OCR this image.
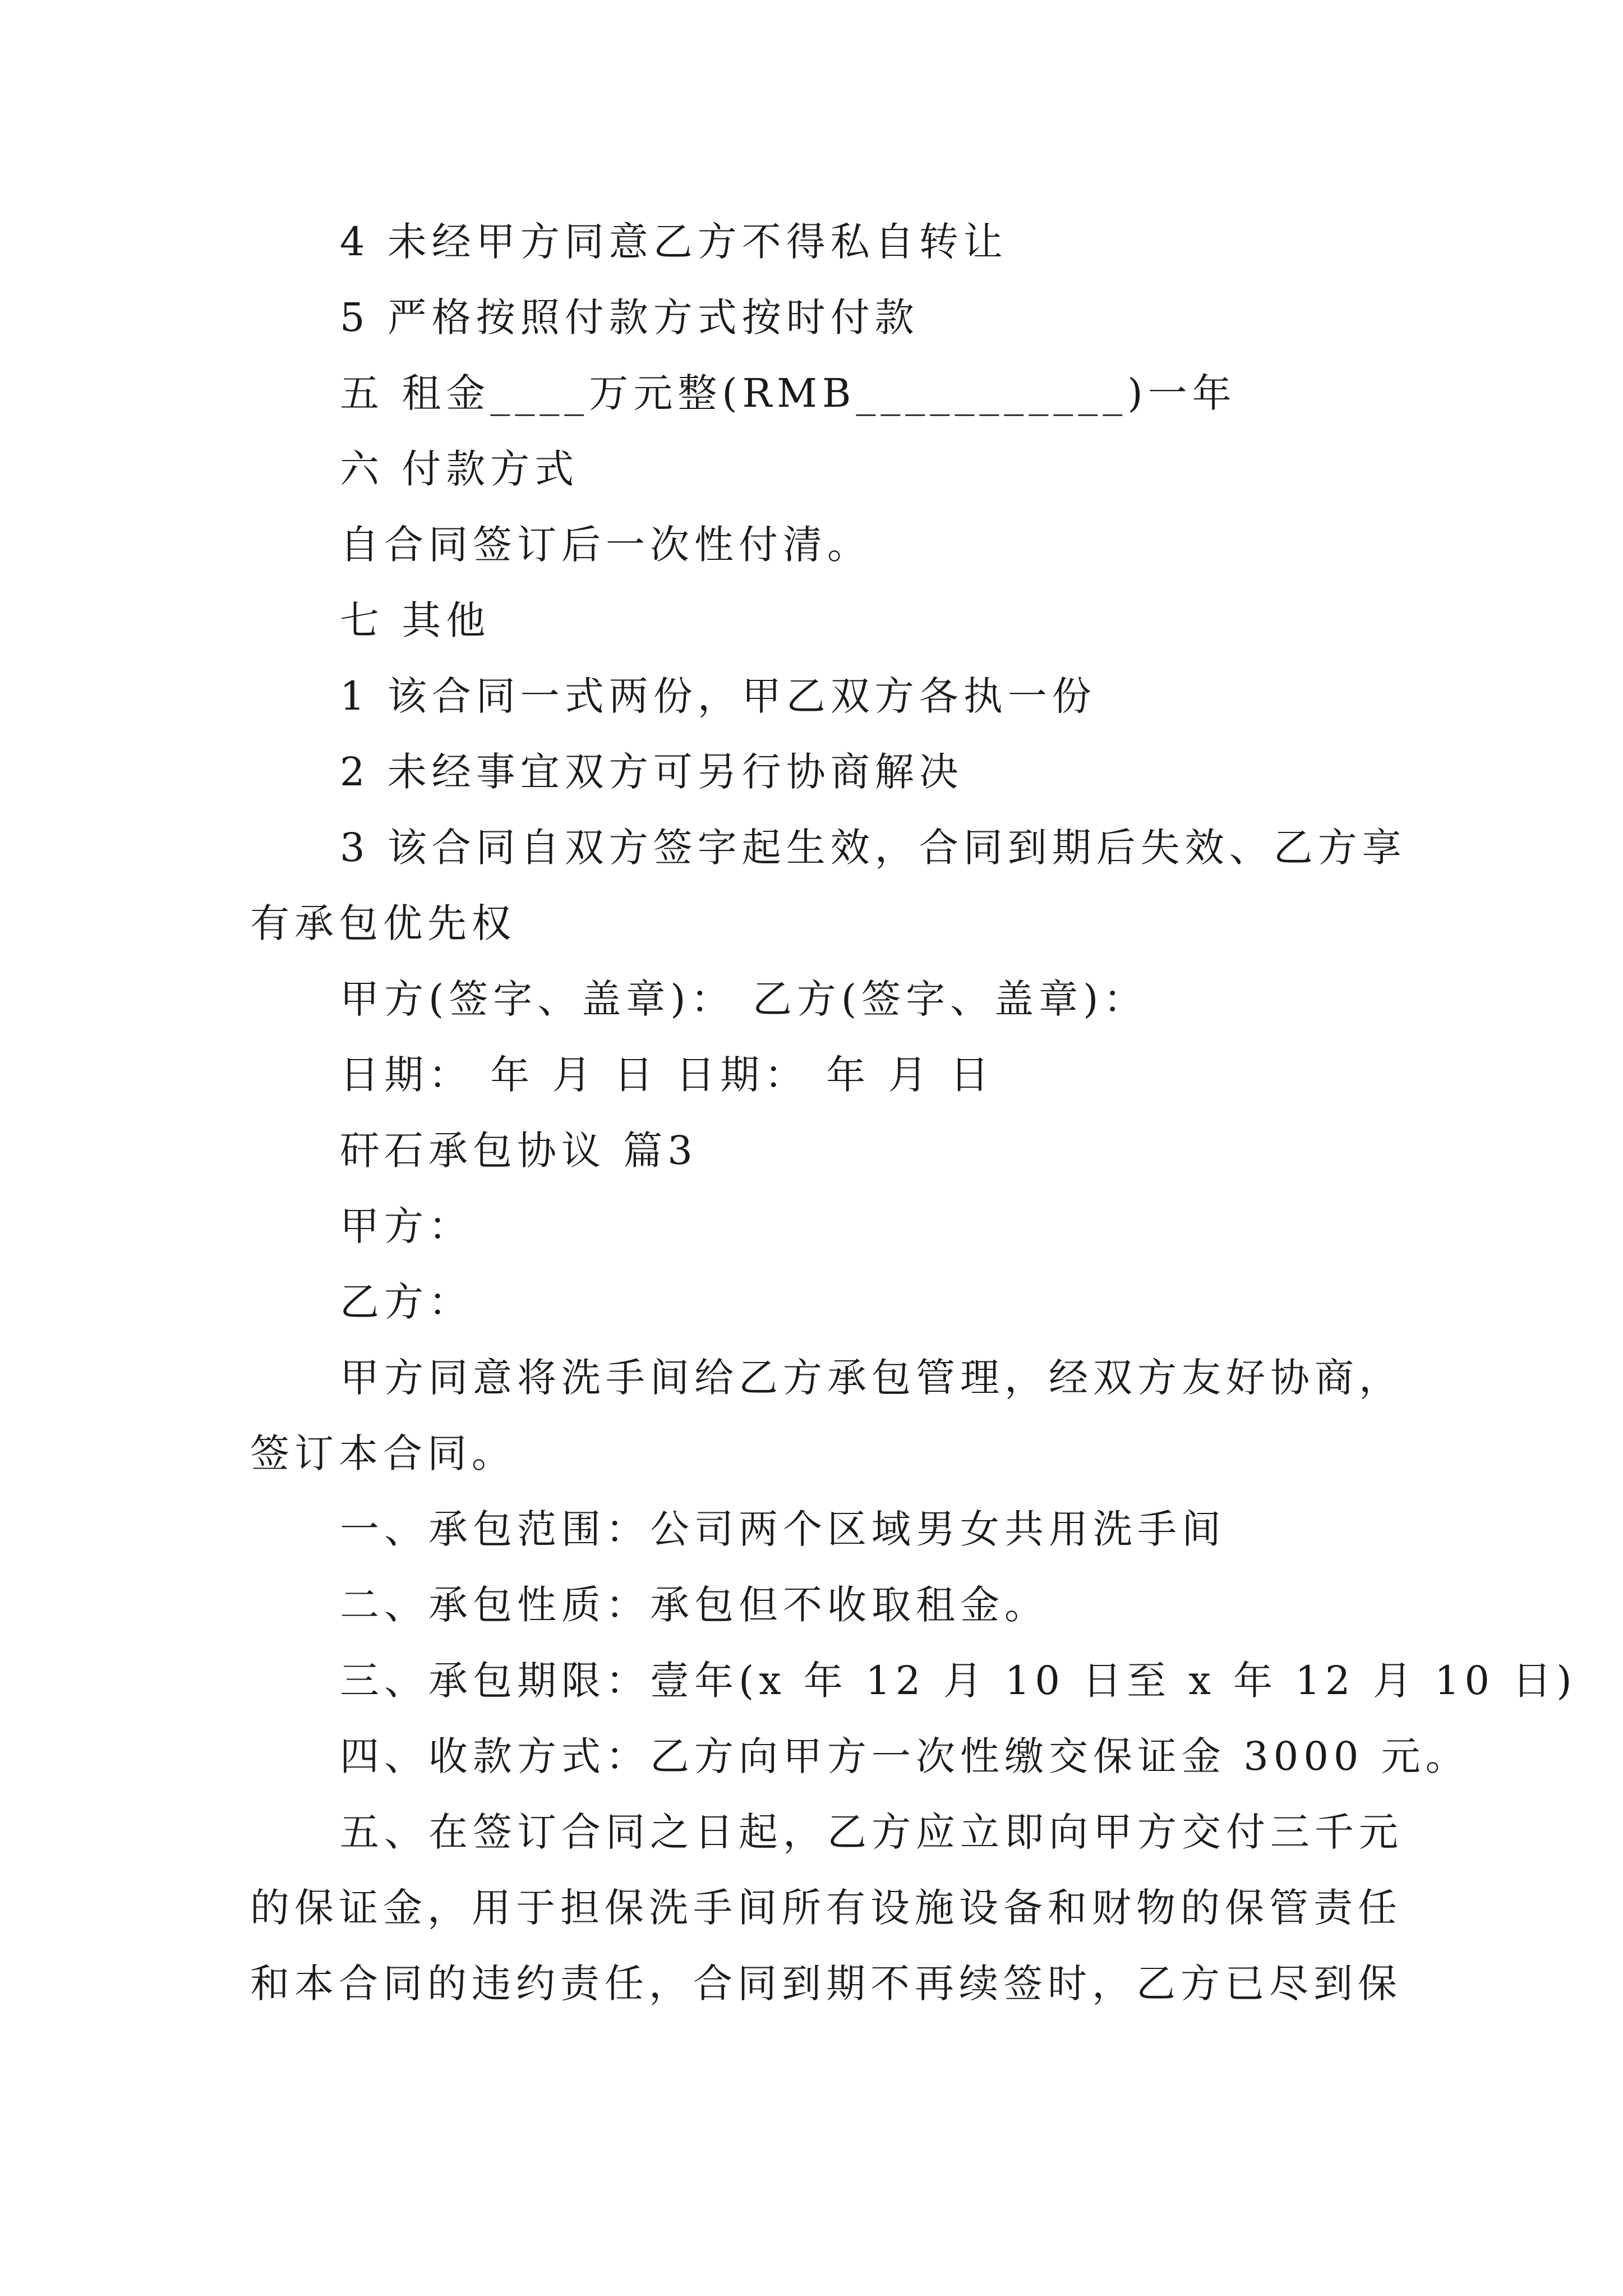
4 未经甲方同意乙方不得私自转让
5 严格按照付款方式按时付款
五 租金____万元整(RMB___________)一年
六 付款方式
自合同签订后一次性付清。
七 其他
1 该合同一式两份，甲乙双方各执一份
2 未经事宜双方可另行协商解决
3 该合同自双方签字起生效，合同到期后失效、乙方享
有承包优先权
甲方(签字、盖章)： 乙方(签字、盖章)：
日期： 年 月 日 日期： 年 月 日
矸石承包协议 篇3
甲方：
乙方：
甲方同意将洗手间给乙方承包管理，经双方友好协商，
签订本合同。
一、承包范围：公司两个区域男女共用洗手间
二、承包性质：承包但不收取租金。
三、承包期限：壹年(x 年 12 月 10 日至 x 年 12 月 10 日)
四、收款方式：乙方向甲方一次性缴交保证金 3000 元。
五、在签订合同之日起，乙方应立即向甲方交付三千元
的保证金，用于担保洗手间所有设施设备和财物的保管责任
和本合同的违约责任，合同到期不再续签时，乙方已尽到保
